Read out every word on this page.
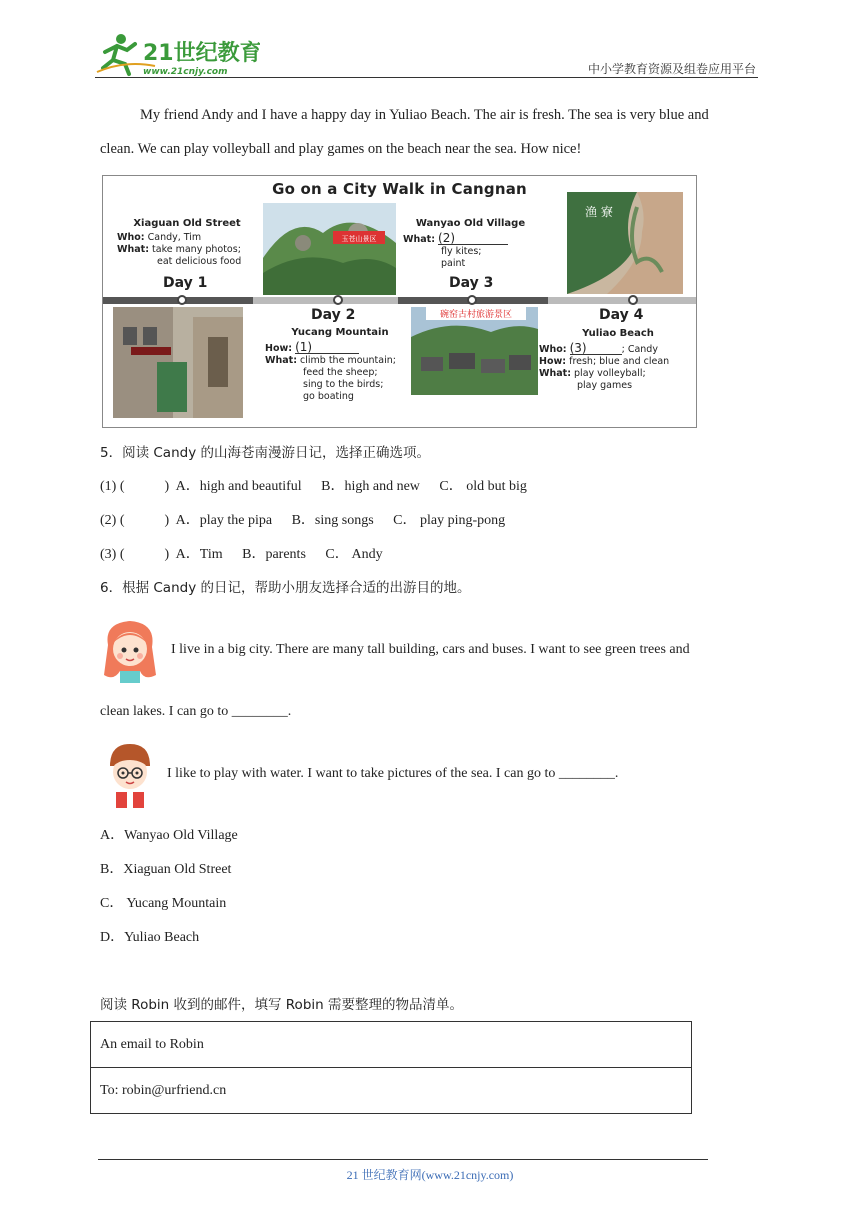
21世纪教育
www.21cnjy.com	中小学教育资源及组卷应用平台
My friend Andy and I have a happy day in Yuliao Beach. The air is fresh. The sea is very blue and
clean. We can play volleyball and play games on the beach near the sea. How nice!
Go on a City Walk in Cangnan
Day 1
Day 2
Day 3
Day 4
Xiaguan Old Street
Who: Candy, Tim
What: take many photos;
eat delicious food
玉苍山景区
Wanyao Old Village
What: (2)
fly kites;
paint
渔 寮
Yucang Mountain
How: (1)
What: climb the mountain;
feed the sheep;
sing to the birds;
go boating
碗窑古村旅游景区
Yuliao Beach
Who: (3)	; Candy
How: fresh; blue and clean
What: play volleyball;
play games
5．阅读 Candy 的山海苍南漫游日记，选择正确选项。
(1) (	) A．high and beautiful B．high and new C． old but big
(2) (	) A．play the pipa B．sing songs C． play ping-pong
(3) (	) A．Tim B．parents C． Andy
6．根据 Candy 的日记，帮助小朋友选择合适的出游目的地。
I live in a big city. There are many tall building, cars and buses. I want to see green trees and
clean lakes. I can go to ________.
I like to play with water. I want to take pictures of the sea. I can go to ________.
A．Wanyao Old Village
B．Xiaguan Old Street
C． Yucang Mountain
D．Yuliao Beach
阅读 Robin 收到的邮件，填写 Robin 需要整理的物品清单。
An email to Robin
To: robin@urfriend.cn
21 世纪教育网(www.21cnjy.com)
